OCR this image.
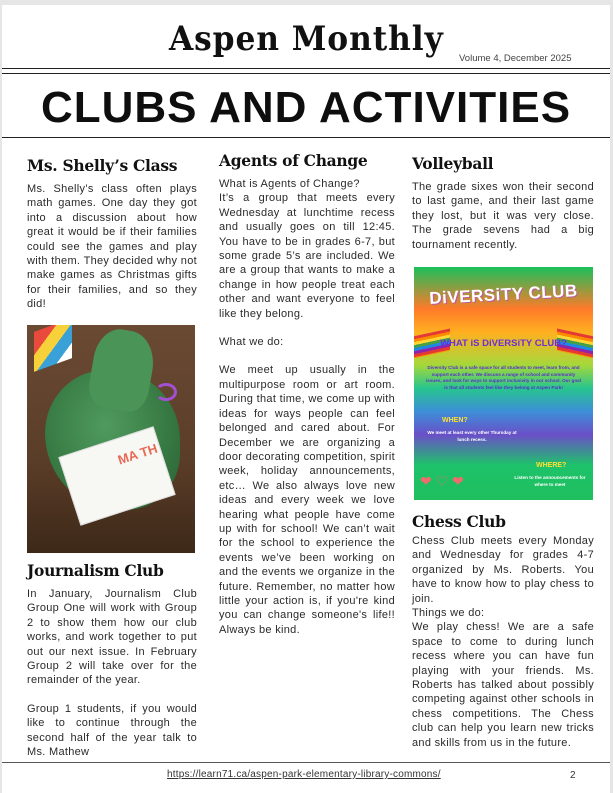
Aspen Monthly	Volume 4, December 2025
CLUBS AND ACTIVITIES
Ms. Shelly’s Class
Ms. Shelly’s class often plays math games. One day they got into a discussion about how great it would be if their families could see the games and play with them. They decided why not make games as Christmas gifts for their families, and so they did!
MA TH
Journalism Club

In January, Journalism Club Group One will work with Group 2 to show them how our club works, and work together to put out our next issue. In February Group 2 will take over for the remainder of the year.

Group 1 students, if you would like to continue through the second half of the year talk to Ms. Mathew

Agents of Change

What is Agents of Change?

It’s a group that meets every Wednesday at lunchtime recess and usually goes on till 12:45. You have to be in grades 6-7, but some grade 5’s are included. We are a group that wants to make a change in how people treat each other and want everyone to feel like they belong.

What we do:

We meet up usually in the multipurpose room or art room. During that time, we come up with ideas for ways people can feel belonged and cared about. For December we are organizing a door decorating competition, spirit week, holiday announcements, etc… We also always love new ideas and every week we love hearing what people have come up with for school! We can’t wait for the school to experience the events we’ve been working on and the events we organize in the future. Remember, no matter how little your action is, if you're kind you can change someone's life!! Always be kind.

Volleyball
The grade sixes won their second to last game, and their last game they lost, but it was very close. The grade sevens had a big tournament recently.
DiVERSiTY CLUB
WHAT iS DiVERSiTY CLUB?
Diversity Club is a safe space for all students to meet, learn from, and support each other. We discuss a range of school and community issues, and look for ways to support inclusivity in our school. Our goal is that all students feel like they belong at Aspen Park!
WHEN?
We meet at least every other Thursday at lunch recess.
WHERE?
Listen to the announcements for where to meet
❤ ♡ ❤
Chess Club

Chess Club meets every Monday and Wednesday for grades 4-7 organized by Ms. Roberts. You have to know how to play chess to join.

Things we do:

We play chess! We are a safe space to come to during lunch recess where you can have fun playing with your friends. Ms. Roberts has talked about possibly competing against other schools in chess competitions. The Chess club can help you learn new tricks and skills from us in the future.

https://learn71.ca/aspen-park-elementary-library-commons/	2
